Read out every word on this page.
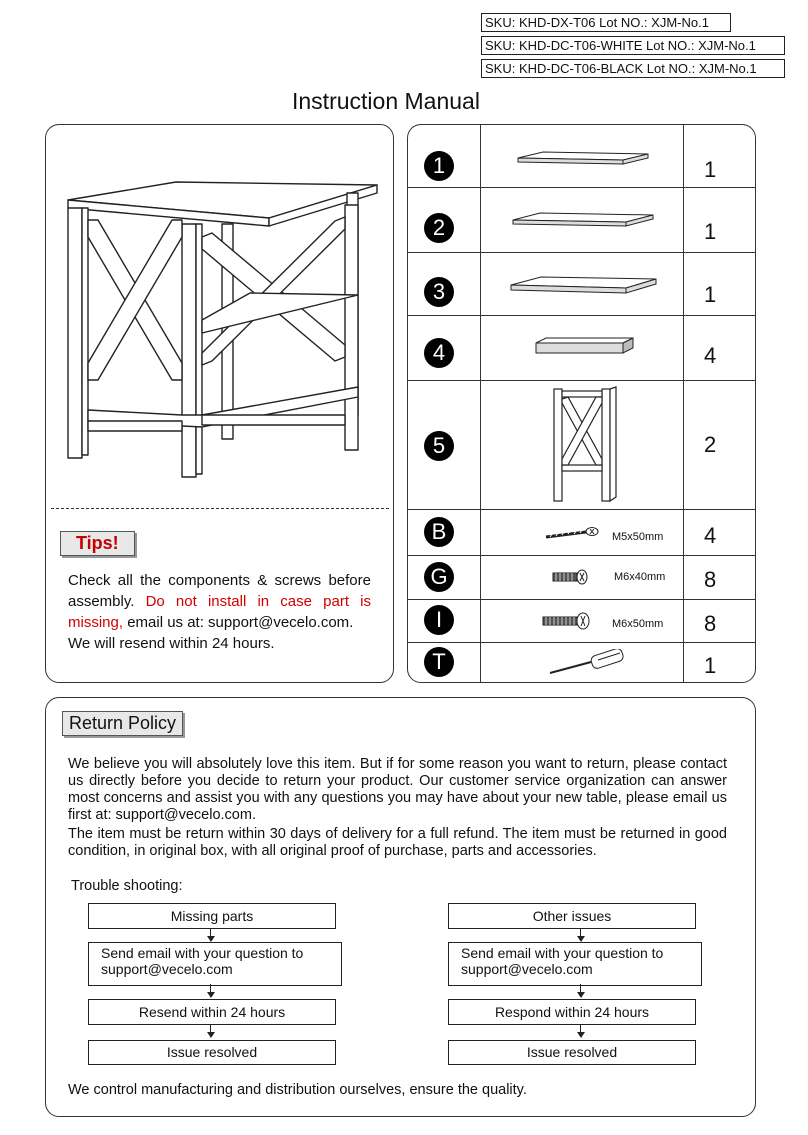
SKU: KHD-DX-T06 Lot NO.: XJM-No.1
SKU: KHD-DC-T06-WHITE Lot NO.: XJM-No.1
SKU: KHD-DC-T06-BLACK Lot NO.: XJM-No.1
Instruction Manual
Tips!
Check all the components & screws before assembly. Do not install in case part is missing, email us at: support@vecelo.com.
We will resend within 24 hours.
1	1
2	1
3	1
4	4
5	2
B	M5x50mm 4
G	M6x40mm 8
I	M6x50mm 8
T	1
Return Policy
We believe you will absolutely love this item. But if for some reason you want to return, please contact us directly before you decide to return your product. Our customer service organization can answer most concerns and assist you with any questions you may have about your new table, please email us first at: support@vecelo.com.
The item must be return within 30 days of delivery for a full refund. The item must be returned in good condition, in original box, with all original proof of purchase, parts and accessories.
Trouble shooting:
Missing parts
Send email with your question to support@vecelo.com
Resend within 24 hours
Issue resolved
Other issues
Send email with your question to support@vecelo.com
Respond within 24 hours
Issue resolved
We control manufacturing and distribution ourselves, ensure the quality.
